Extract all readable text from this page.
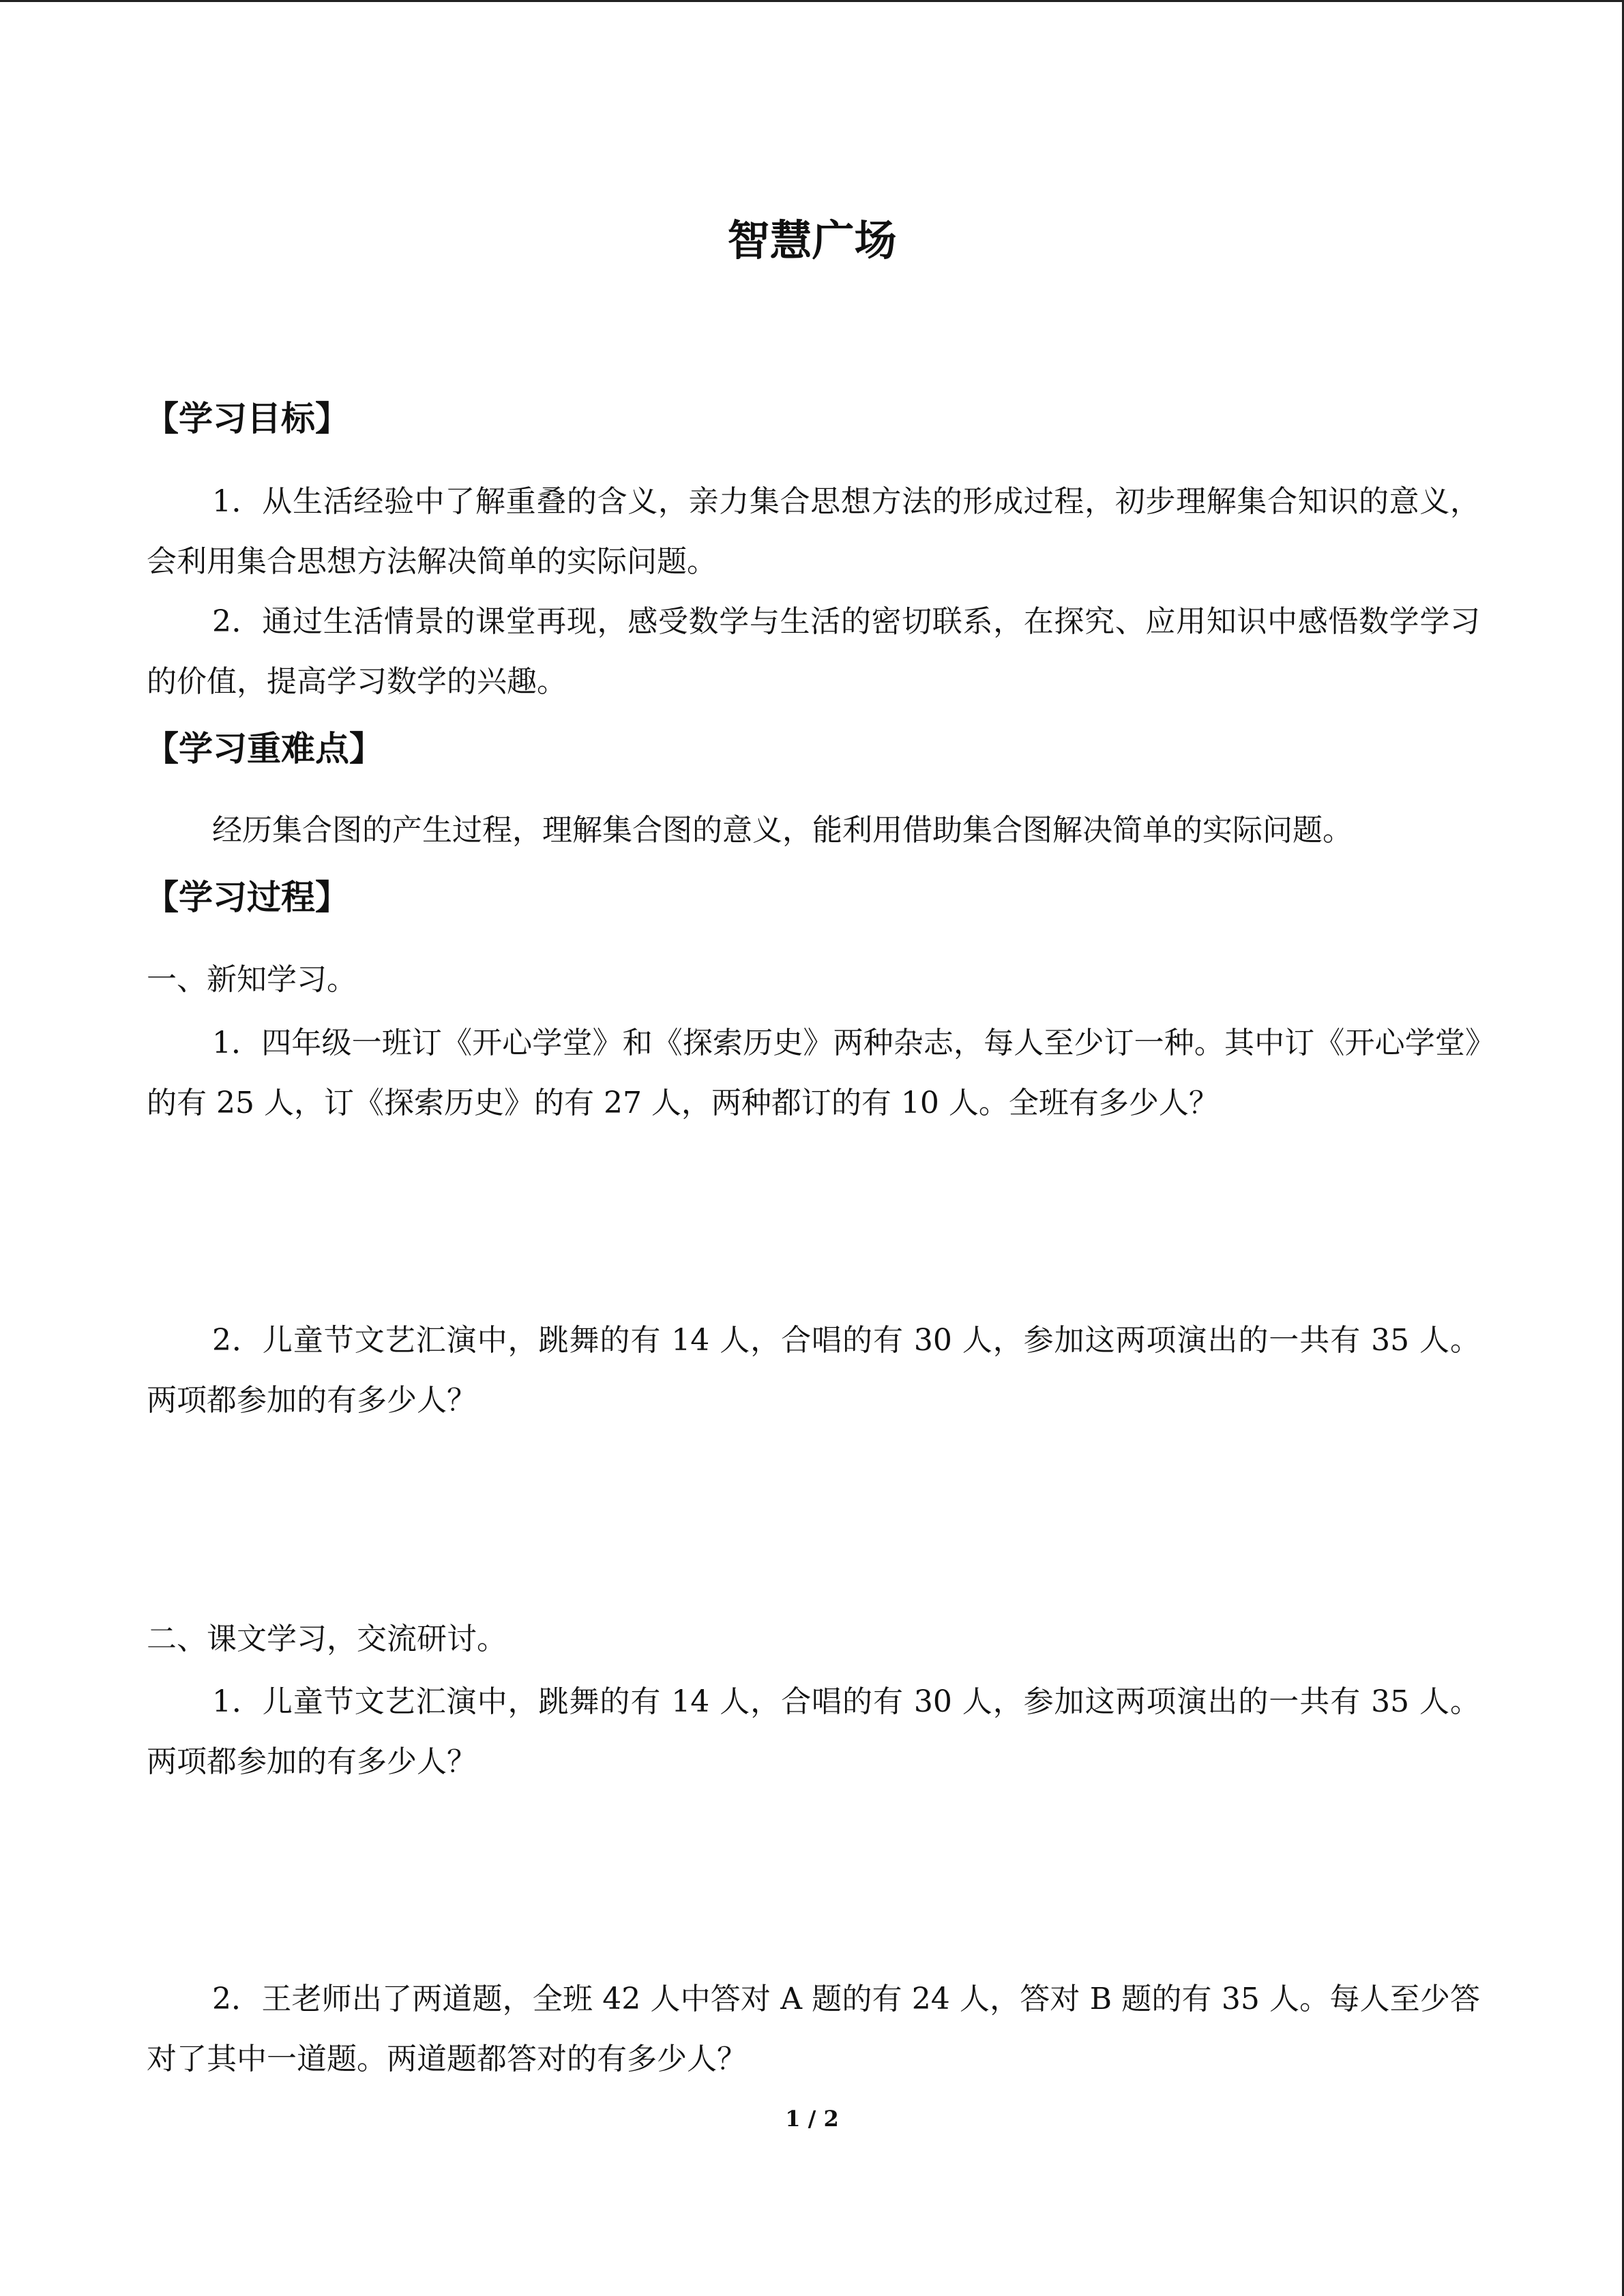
智慧广场
【学习目标】
1．从生活经验中了解重叠的含义，亲力集合思想方法的形成过程，初步理解集合知识的意义，会利用集合思想方法解决简单的实际问题。
2．通过生活情景的课堂再现，感受数学与生活的密切联系，在探究、应用知识中感悟数学学习的价值，提高学习数学的兴趣。
【学习重难点】
经历集合图的产生过程，理解集合图的意义，能利用借助集合图解决简单的实际问题。
【学习过程】
一、新知学习。
1．四年级一班订《开心学堂》和《探索历史》两种杂志，每人至少订一种。其中订《开心学堂》的有 25 人，订《探索历史》的有 27 人，两种都订的有 10 人。全班有多少人？
2．儿童节文艺汇演中，跳舞的有 14 人，合唱的有 30 人，参加这两项演出的一共有 35 人。两项都参加的有多少人？
二、课文学习，交流研讨。
1．儿童节文艺汇演中，跳舞的有 14 人，合唱的有 30 人，参加这两项演出的一共有 35 人。两项都参加的有多少人？
2．王老师出了两道题，全班 42 人中答对 A 题的有 24 人，答对 B 题的有 35 人。每人至少答对了其中一道题。两道题都答对的有多少人？
1 / 2
